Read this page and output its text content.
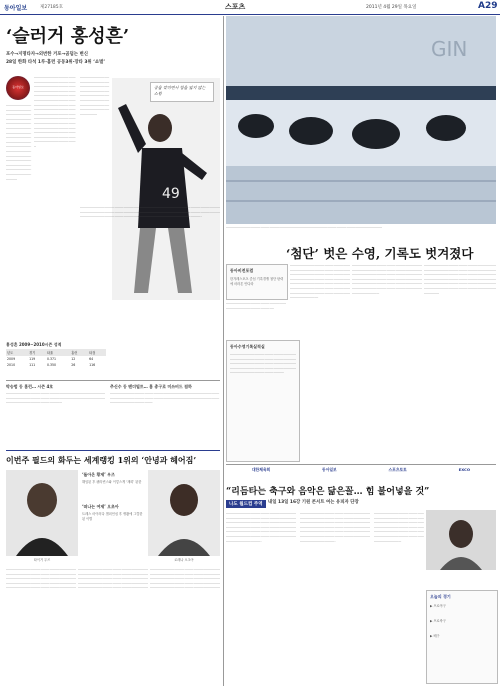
동아일보	제27185호	스포츠	2011년 4월 29일 목요일	A29
‘슬러거 홍성흔’
포수→지명타자→외번한 거포→곰덤는 변신
28일 한화 타석 1루·홈런 공동3위·장타 3위 ‘쇼벌’
동아일보
·········································································································································································································································································································································································································································································································································································································································
···························································································································································································································································································································································································································
·························································································································································································································································
49
공을 맞히면서 힘을 잃지 않는 스윙
············································································································································································································································································································································································································
홍성흔 2009~2010시즌 성적
년도	경기	타율	홈런	타점
2009	119	0.371	12	64
2010	111	0.350	26	116
박승범 등 홈런… 시즌 4호	추신수 등 밴더빌트… 홈 총구로 미쓰비드 점하
···························································································································································································································································
··································································································································································································································································
GIN
··························································································································································
‘첨단’ 벗은 수영, 기록도 벗겨졌다
동아비전포럼
한겨레스포츠 중심 기록경쟁 첨단 탄력에 마라톤 안다라
··········································································································
동아수영기록실적실
·························································································································································································································································································································
·························································································································································································································································································································································································································································
·························································································································································································································································································································································································································································
·························································································································································································································································································································································································································································
대한체육회	동아일보	스포츠토토	EXCO
“리듬타는 축구와 음악은 닮은꼴… 힘 불어넣을 것”
나도 월드컵 주역	내일 13일 16강 기원 콘서트 여는 유피자 단장
·································································································································································································································································································································································································································································
·································································································································································································································································································································································································································································
·································································································································································································································································································································
오늘의 경기
▶ 프로야구
▶ 프로축구
▶ 배구
이번주 필드의 화두는 세계랭킹 1위의 ‘안녕과 헤어짐’
타이거 우즈
‘돌아온 황제’ 우즈
해임된 후 팬라빈스와 이렇스게 ‘재회’ 된한
‘떠나는 여제’ 오초아
트레스 마이러다 챔피언십 후 생활에 그렇한 된 이별
로레나 오초아
·························································································································································································································································································································································
·························································································································································································································································································································································
·························································································································································································································································································································································
